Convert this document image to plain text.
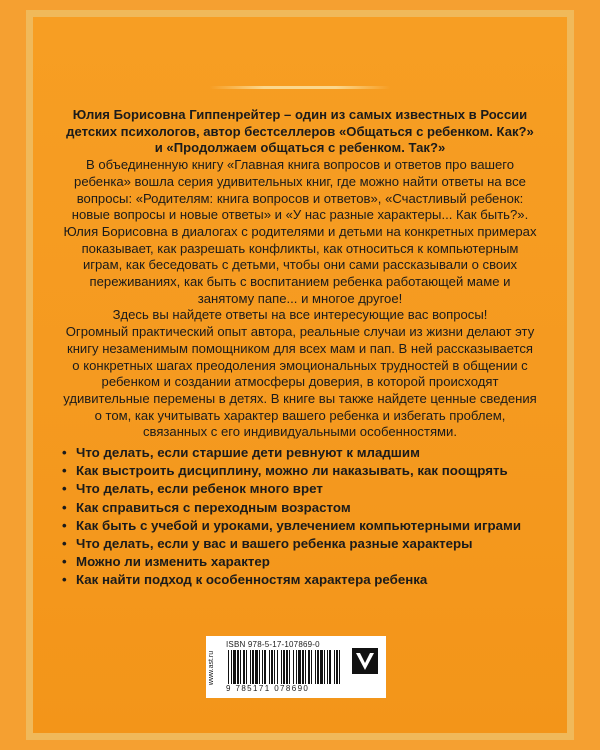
Юлия Борисовна Гиппенрейтер – один из самых известных в России детских психологов, автор бестселлеров «Общаться с ребенком. Как?» и «Продолжаем общаться с ребенком. Так?»

В объединенную книгу «Главная книга вопросов и ответов про вашего ребенка» вошла серия удивительных книг, где можно найти ответы на все вопросы: «Родителям: книга вопросов и ответов», «Счастливый ребенок: новые вопросы и новые ответы» и «У нас разные характеры... Как быть?».

Юлия Борисовна в диалогах с родителями и детьми на конкретных примерах показывает, как разрешать конфликты, как относиться к компьютерным играм, как беседовать с детьми, чтобы они сами рассказывали о своих переживаниях, как быть с воспитанием ребенка работающей маме и занятому папе... и многое другое!

Здесь вы найдете ответы на все интересующие вас вопросы!

Огромный практический опыт автора, реальные случаи из жизни делают эту книгу незаменимым помощником для всех мам и пап. В ней рассказывается о конкретных шагах преодоления эмоциональных трудностей в общении с ребенком и создании атмосферы доверия, в которой происходят удивительные перемены в детях. В книге вы также найдете ценные сведения о том, как учитывать характер вашего ребенка и избегать проблем, связанных с его индивидуальными особенностями.

• Что делать, если старшие дети ревнуют к младшим
• Как выстроить дисциплину, можно ли наказывать, как поощрять
• Что делать, если ребенок много врет
• Как справиться с переходным возрастом
• Как быть с учебой и уроками, увлечением компьютерными играми
• Что делать, если у вас и вашего ребенка разные характеры
• Можно ли изменить характер
• Как найти подход к особенностям характера ребенка
www.ast.ru
ISBN 978-5-17-107869-0
9 785171 078690
